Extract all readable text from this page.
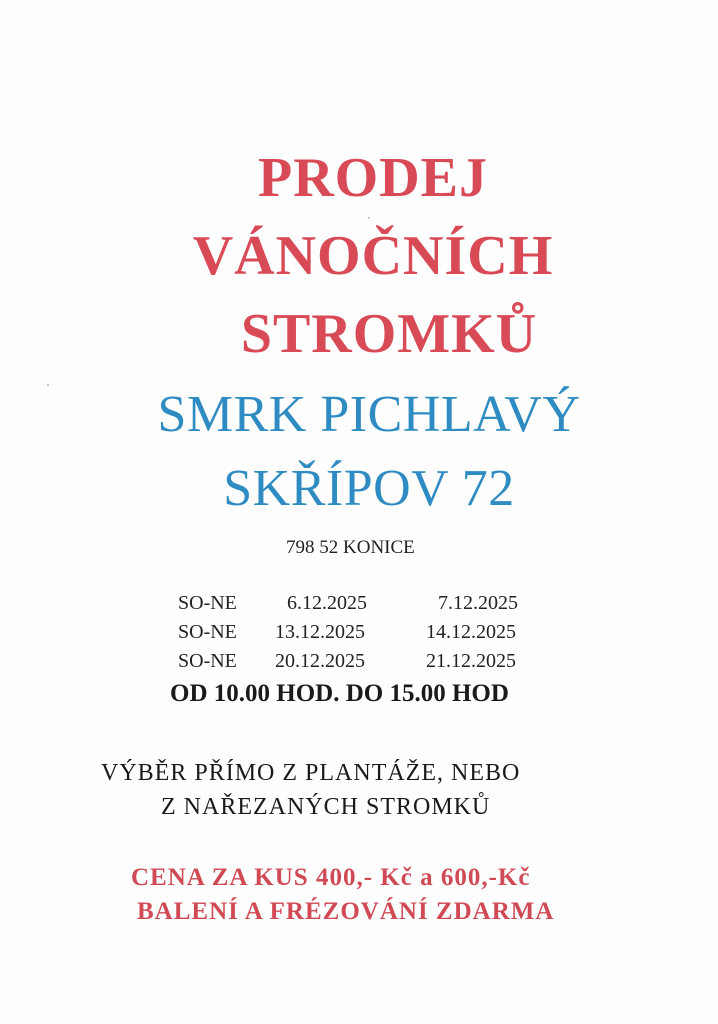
PRODEJ
VÁNOČNÍCH
STROMKŮ
SMRK PICHLAVÝ
SKŘÍPOV 72
798 52 KONICE
SO-NE	6.12.2025	7.12.2025
SO-NE 13.12.2025	14.12.2025
SO-NE 20.12.2025	21.12.2025
OD 10.00 HOD. DO 15.00 HOD
VÝBĚR PŘÍMO Z PLANTÁŽE, NEBO
Z NAŘEZANÝCH STROMKŮ
CENA ZA KUS 400,- Kč a 600,-Kč
BALENÍ A FRÉZOVÁNÍ ZDARMA
